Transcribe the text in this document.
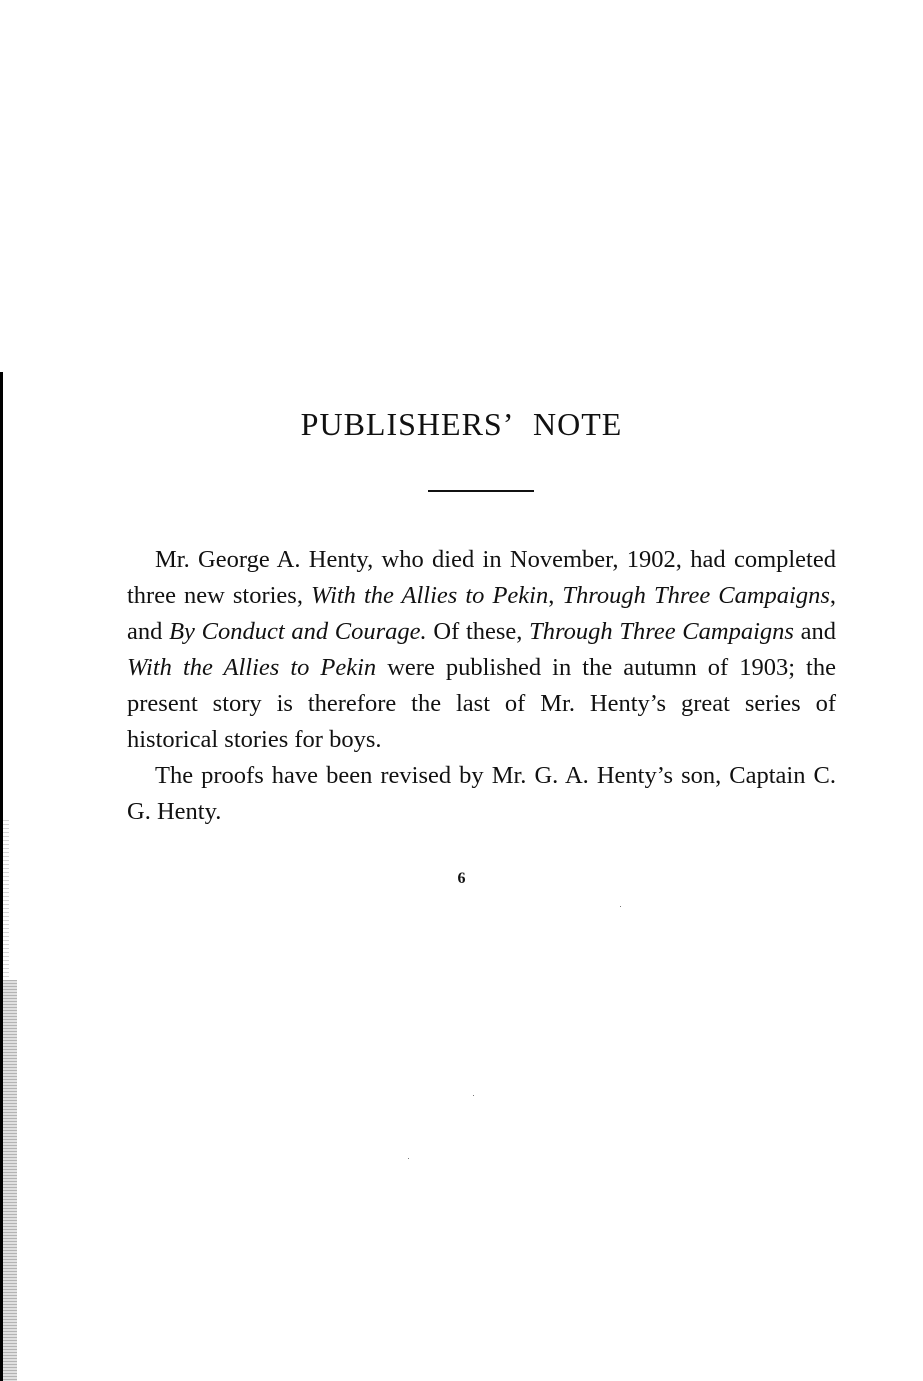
PUBLISHERS’ NOTE

Mr. George A. Henty, who died in November, 1902, had completed three new stories, With the Allies to Pekin, Through Three Campaigns, and By Conduct and Courage. Of these, Through Three Campaigns and With the Allies to Pekin were published in the autumn of 1903; the present story is therefore the last of Mr. Henty’s great series of historical stories for boys.

The proofs have been revised by Mr. G. A. Henty’s son, Captain C. G. Henty.

6
